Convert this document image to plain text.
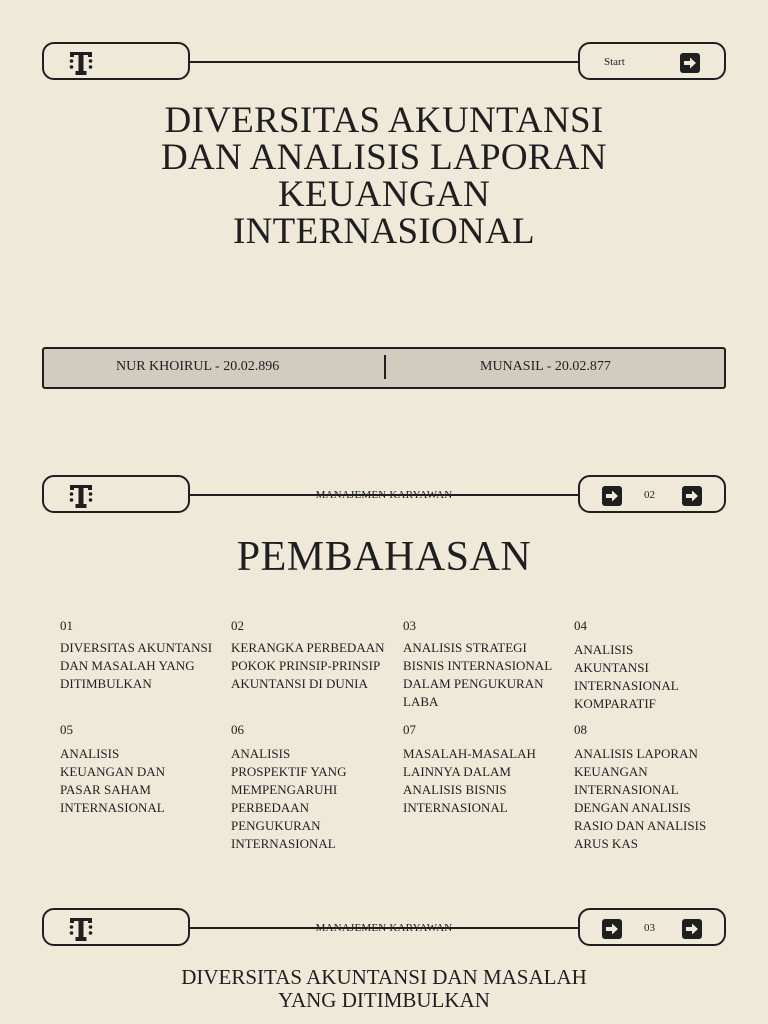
Start
DIVERSITAS AKUNTANSI
DAN ANALISIS LAPORAN
KEUANGAN
INTERNASIONAL
NUR KHOIRUL - 20.02.896	MUNASIL - 20.02.877
MANAJEMEN KARYAWAN	02
PEMBAHASAN
01
DIVERSITAS AKUNTANSI DAN MASALAH YANG DITIMBULKAN
02
KERANGKA PERBEDAAN POKOK PRINSIP-PRINSIP AKUNTANSI DI DUNIA
03
ANALISIS STRATEGI BISNIS INTERNASIONAL DALAM PENGUKURAN LABA
04
ANALISIS AKUNTANSI INTERNASIONAL KOMPARATIF
05
ANALISIS KEUANGAN DAN PASAR SAHAM INTERNASIONAL
06
ANALISIS PROSPEKTIF YANG MEMPENGARUHI PERBEDAAN PENGUKURAN INTERNASIONAL
07
MASALAH-MASALAH LAINNYA DALAM ANALISIS BISNIS INTERNASIONAL
08
ANALISIS LAPORAN KEUANGAN INTERNASIONAL DENGAN ANALISIS RASIO DAN ANALISIS ARUS KAS
MANAJEMEN KARYAWAN	03
DIVERSITAS AKUNTANSI DAN MASALAH
YANG DITIMBULKAN
